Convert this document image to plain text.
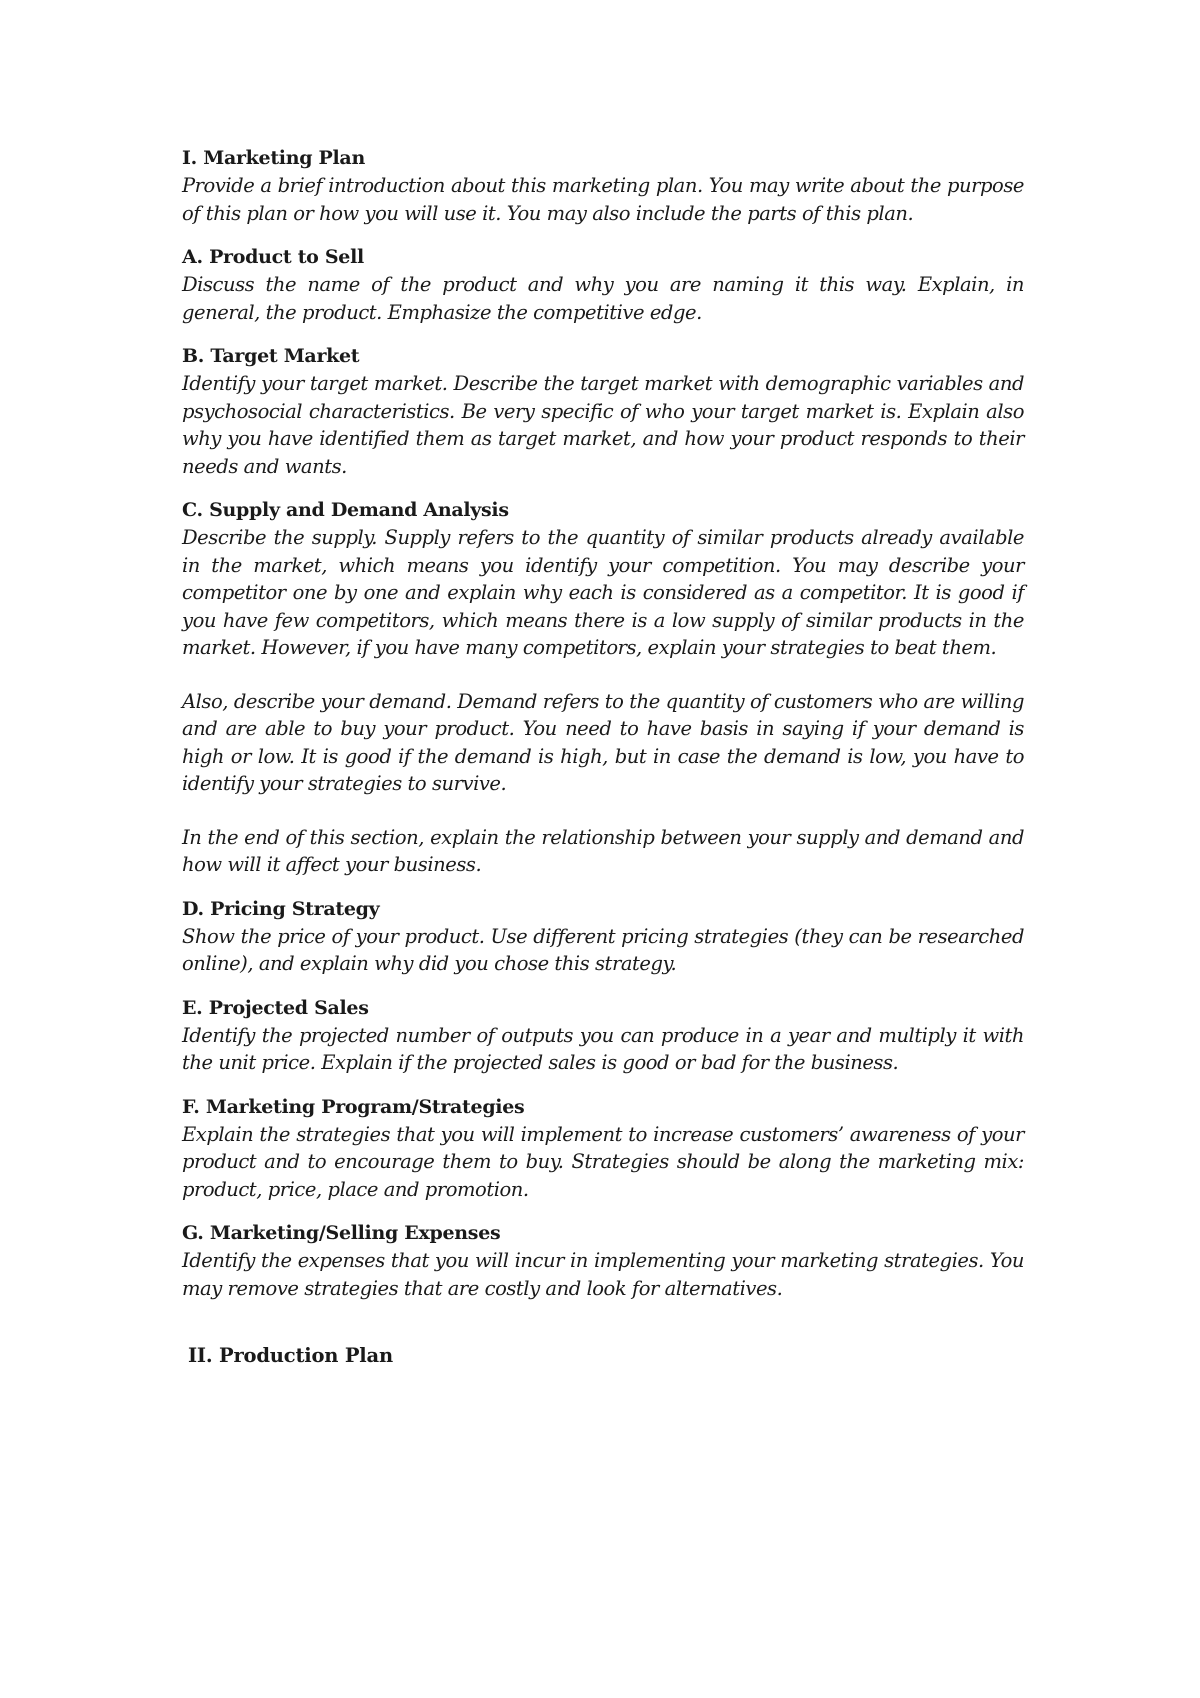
I. Marketing Plan

Provide a brief introduction about this marketing plan. You may write about the purpose of this plan or how you will use it. You may also include the parts of this plan.

A. Product to Sell

Discuss the name of the product and why you are naming it this way. Explain, in general, the product. Emphasize the competitive edge.

B. Target Market

Identify your target market. Describe the target market with demographic variables and psychosocial characteristics. Be very specific of who your target market is. Explain also why you have identified them as target market, and how your product responds to their needs and wants.

C. Supply and Demand Analysis

Describe the supply. Supply refers to the quantity of similar products already available in the market, which means you identify your competition. You may describe your competitor one by one and explain why each is considered as a competitor. It is good if you have few competitors, which means there is a low supply of similar products in the market. However, if you have many competitors, explain your strategies to beat them.

Also, describe your demand. Demand refers to the quantity of customers who are willing and are able to buy your product. You need to have basis in saying if your demand is high or low. It is good if the demand is high, but in case the demand is low, you have to identify your strategies to survive.

In the end of this section, explain the relationship between your supply and demand and how will it affect your business.

D. Pricing Strategy

Show the price of your product. Use different pricing strategies (they can be researched online), and explain why did you chose this strategy.

E. Projected Sales

Identify the projected number of outputs you can produce in a year and multiply it with the unit price. Explain if the projected sales is good or bad for the business.

F. Marketing Program/Strategies

Explain the strategies that you will implement to increase customers’ awareness of your product and to encourage them to buy. Strategies should be along the marketing mix: product, price, place and promotion.

G. Marketing/Selling Expenses

Identify the expenses that you will incur in implementing your marketing strategies. You may remove strategies that are costly and look for alternatives.

II. Production Plan
